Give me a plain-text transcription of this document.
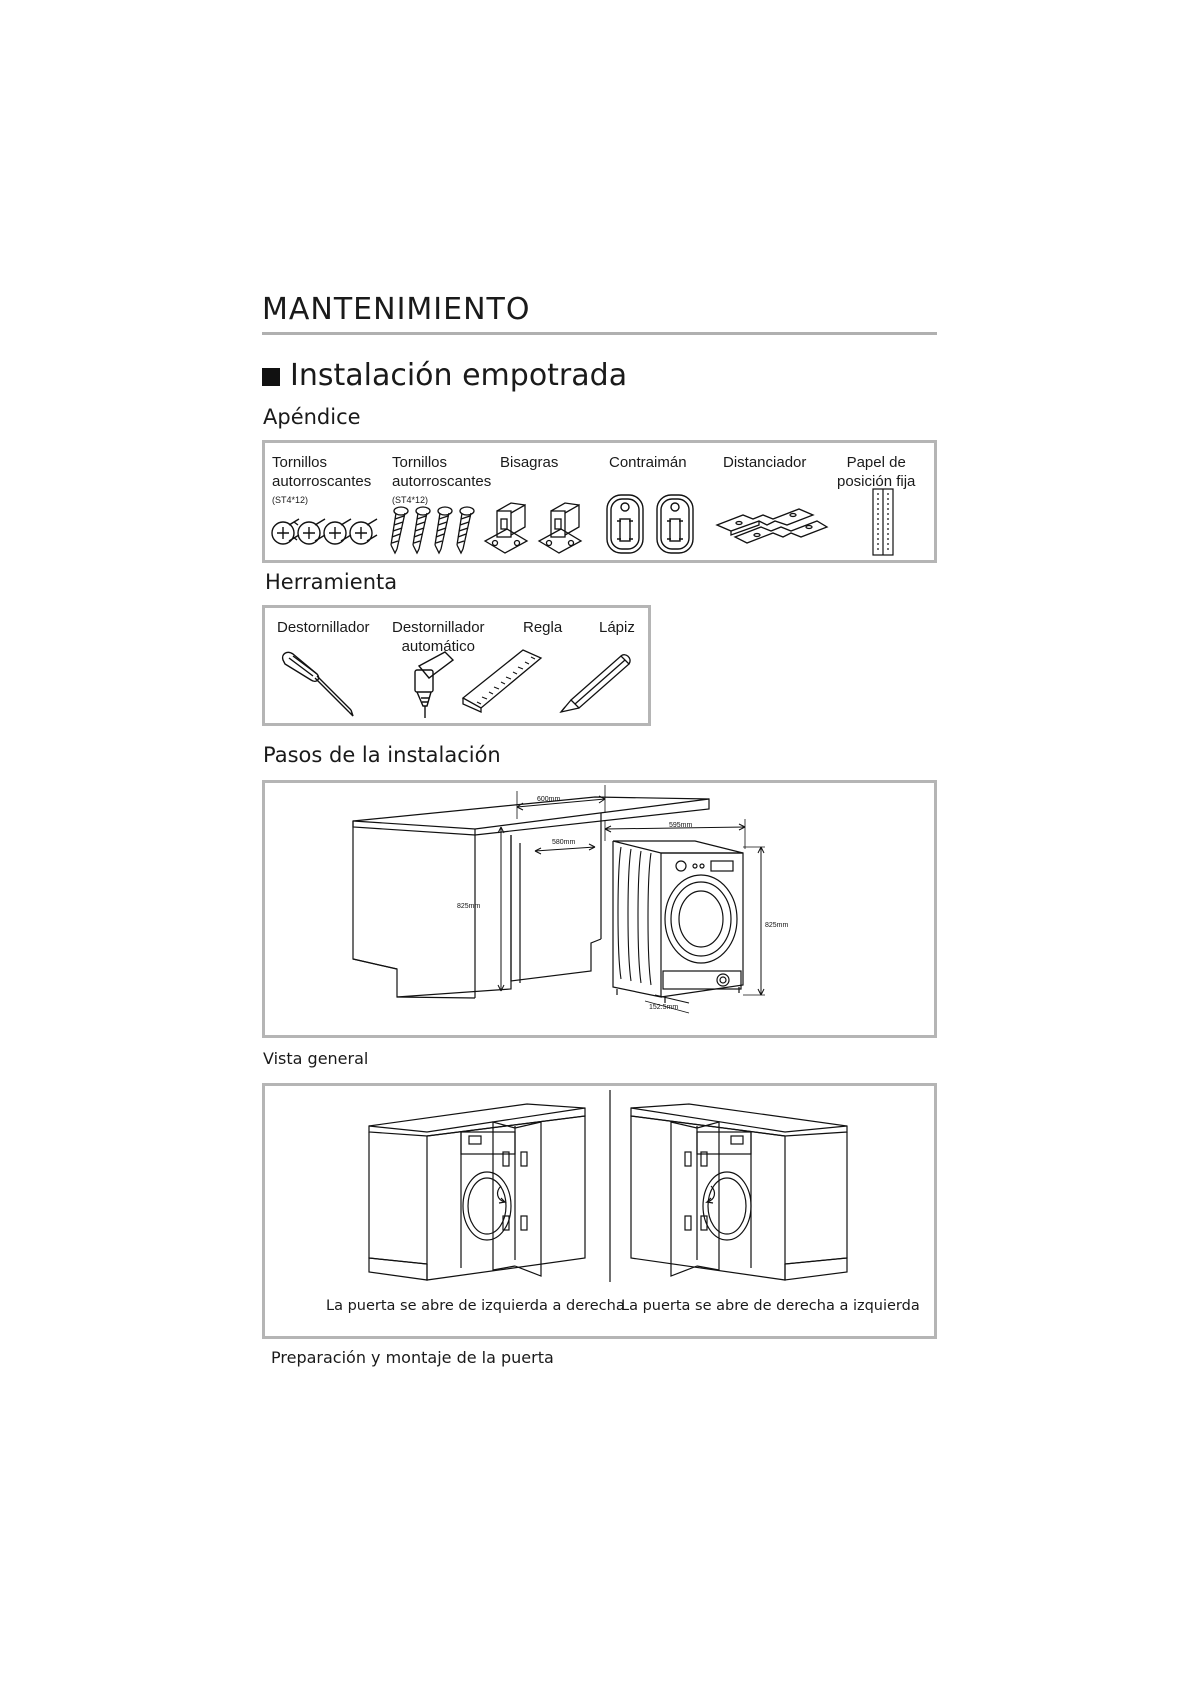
MANTENIMIENTO
Instalación empotrada
Apéndice
Tornillos
autorroscantes
(ST4*12)
Tornillos
autorroscantes
(ST4*12)
Bisagras	Contraimán Distanciador	Papel de
posición fija
Herramienta
Destornillador Destornillador
automático
Regla Lápiz
Pasos de la instalación
600mm
580mm
825mm
595mm
825mm
152.5mm
Vista general
La puerta se abre de izquierda a derecha
La puerta se abre de derecha a izquierda
Preparación y montaje de la puerta
